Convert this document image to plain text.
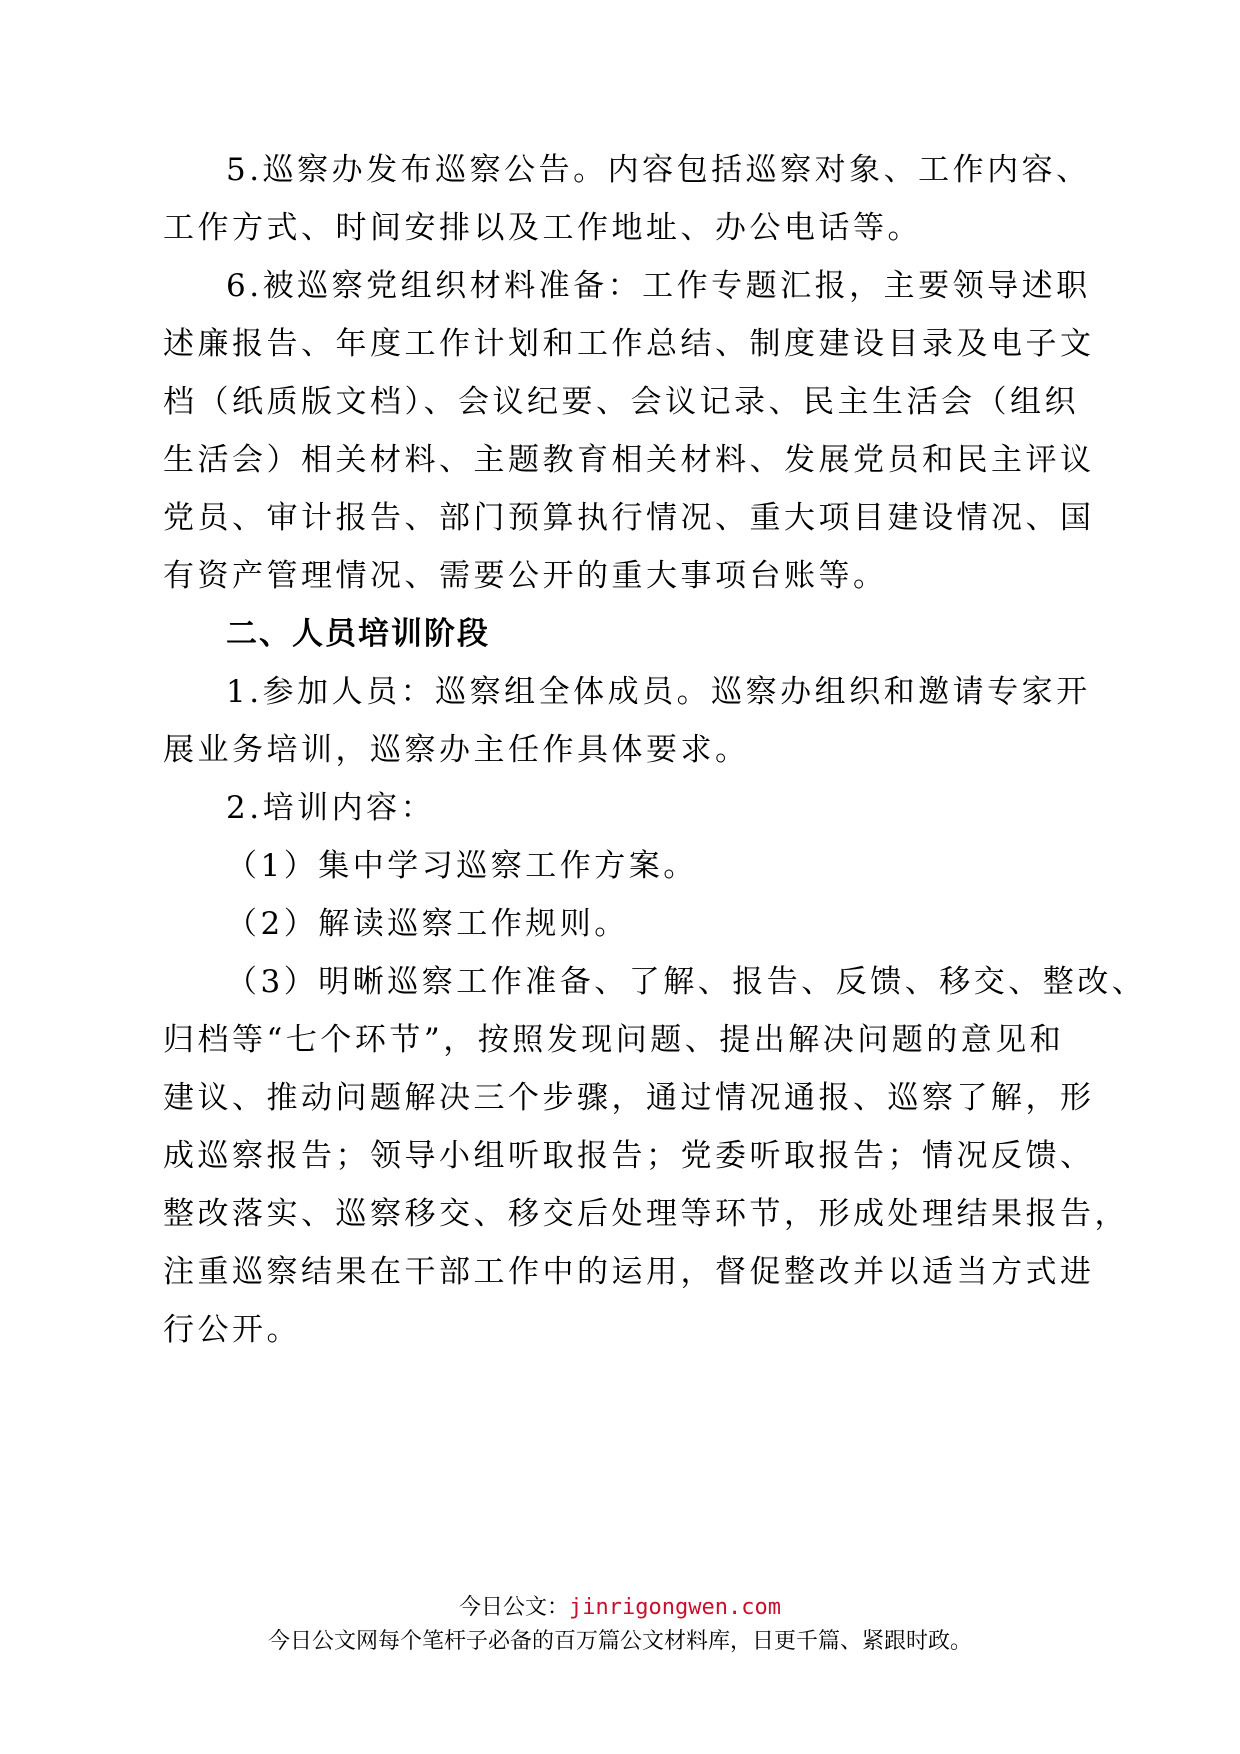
5.巡察办发布巡察公告。内容包括巡察对象、工作内容、
工作方式、时间安排以及工作地址、办公电话等。
6.被巡察党组织材料准备：工作专题汇报，主要领导述职
述廉报告、年度工作计划和工作总结、制度建设目录及电子文
档（纸质版文档）、会议纪要、会议记录、民主生活会（组织
生活会）相关材料、主题教育相关材料、发展党员和民主评议
党员、审计报告、部门预算执行情况、重大项目建设情况、国
有资产管理情况、需要公开的重大事项台账等。
二、人员培训阶段
1.参加人员：巡察组全体成员。巡察办组织和邀请专家开
展业务培训，巡察办主任作具体要求。
2.培训内容：
（1）集中学习巡察工作方案。
（2）解读巡察工作规则。
（3）明晰巡察工作准备、了解、报告、反馈、移交、整改、
归档等“七个环节”，按照发现问题、提出解决问题的意见和
建议、推动问题解决三个步骤，通过情况通报、巡察了解，形
成巡察报告；领导小组听取报告；党委听取报告；情况反馈、
整改落实、巡察移交、移交后处理等环节，形成处理结果报告，
注重巡察结果在干部工作中的运用，督促整改并以适当方式进
行公开。
今日公文：jinrigongwen.com
今日公文网每个笔杆子必备的百万篇公文材料库，日更千篇、紧跟时政。
